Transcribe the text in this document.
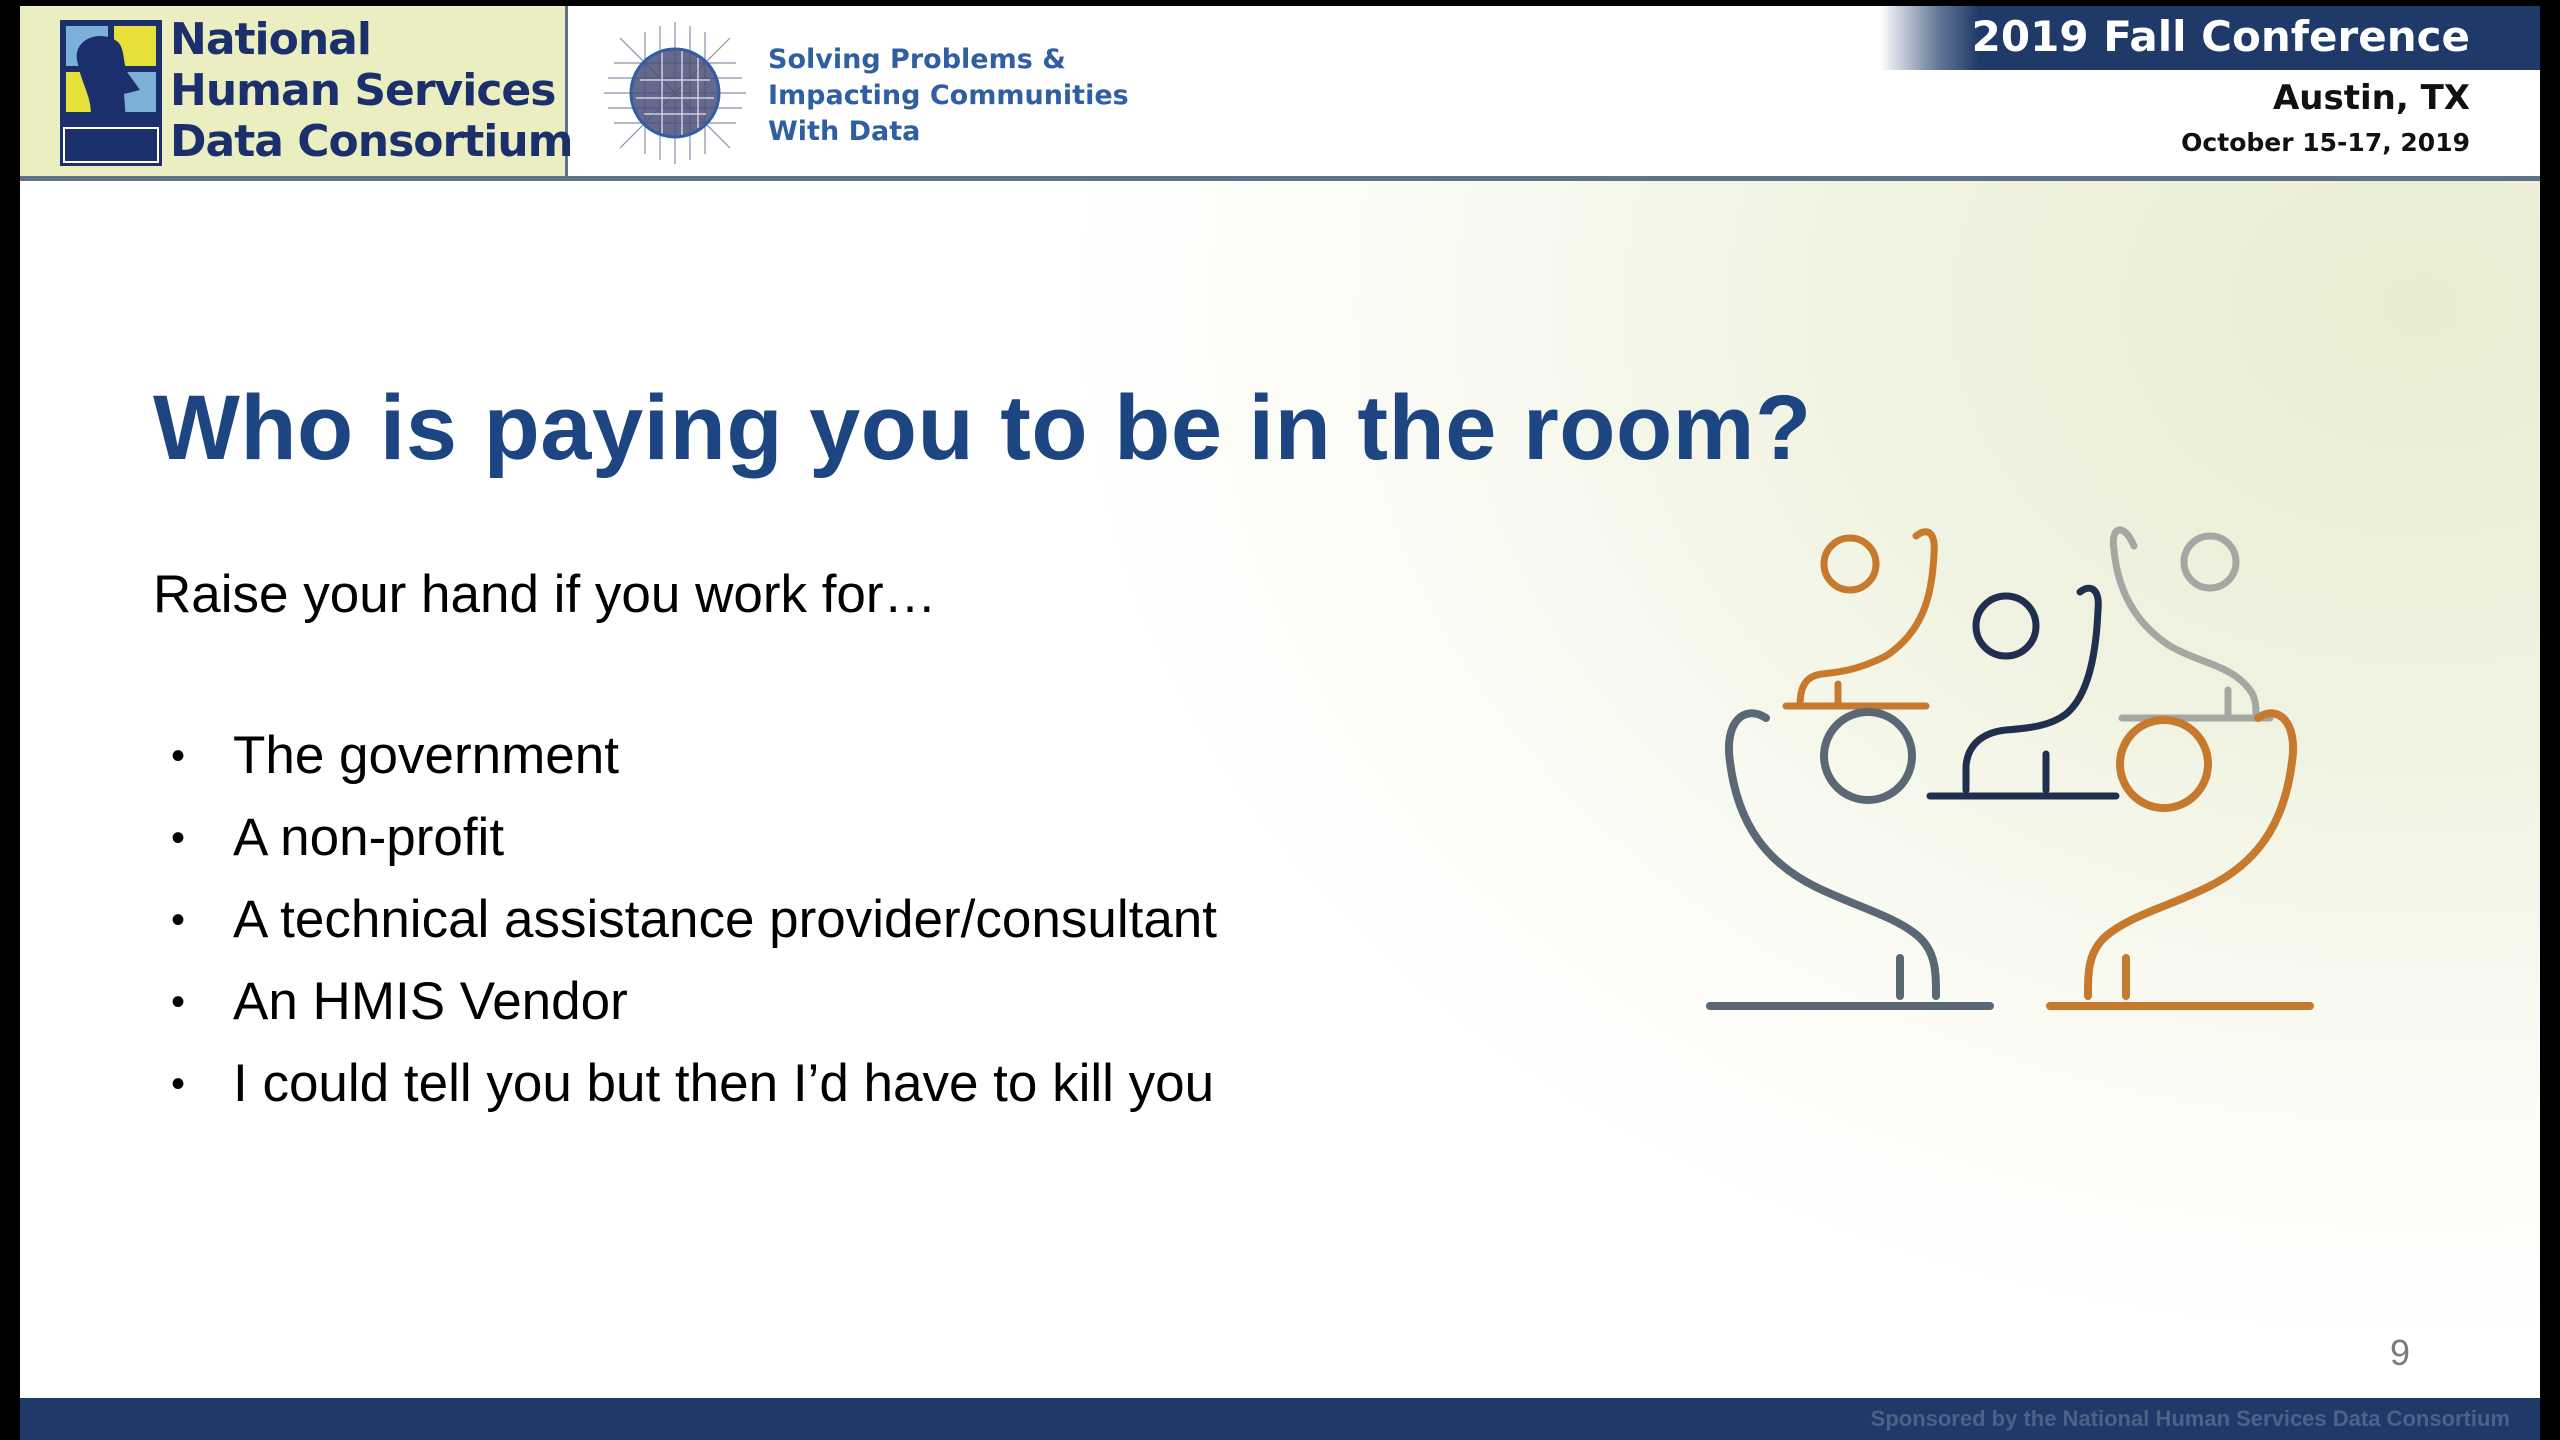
National
Human Services
Data Consortium
Solving Problems &
Impacting Communities
With Data
2019 Fall Conference
Austin, TX
October 15-17, 2019
Who is paying you to be in the room?
Raise your hand if you work for…
• The government
• A non-profit
• A technical assistance provider/consultant
• An HMIS Vendor
• I could tell you but then I’d have to kill you
9
Sponsored by the National Human Services Data Consortium
